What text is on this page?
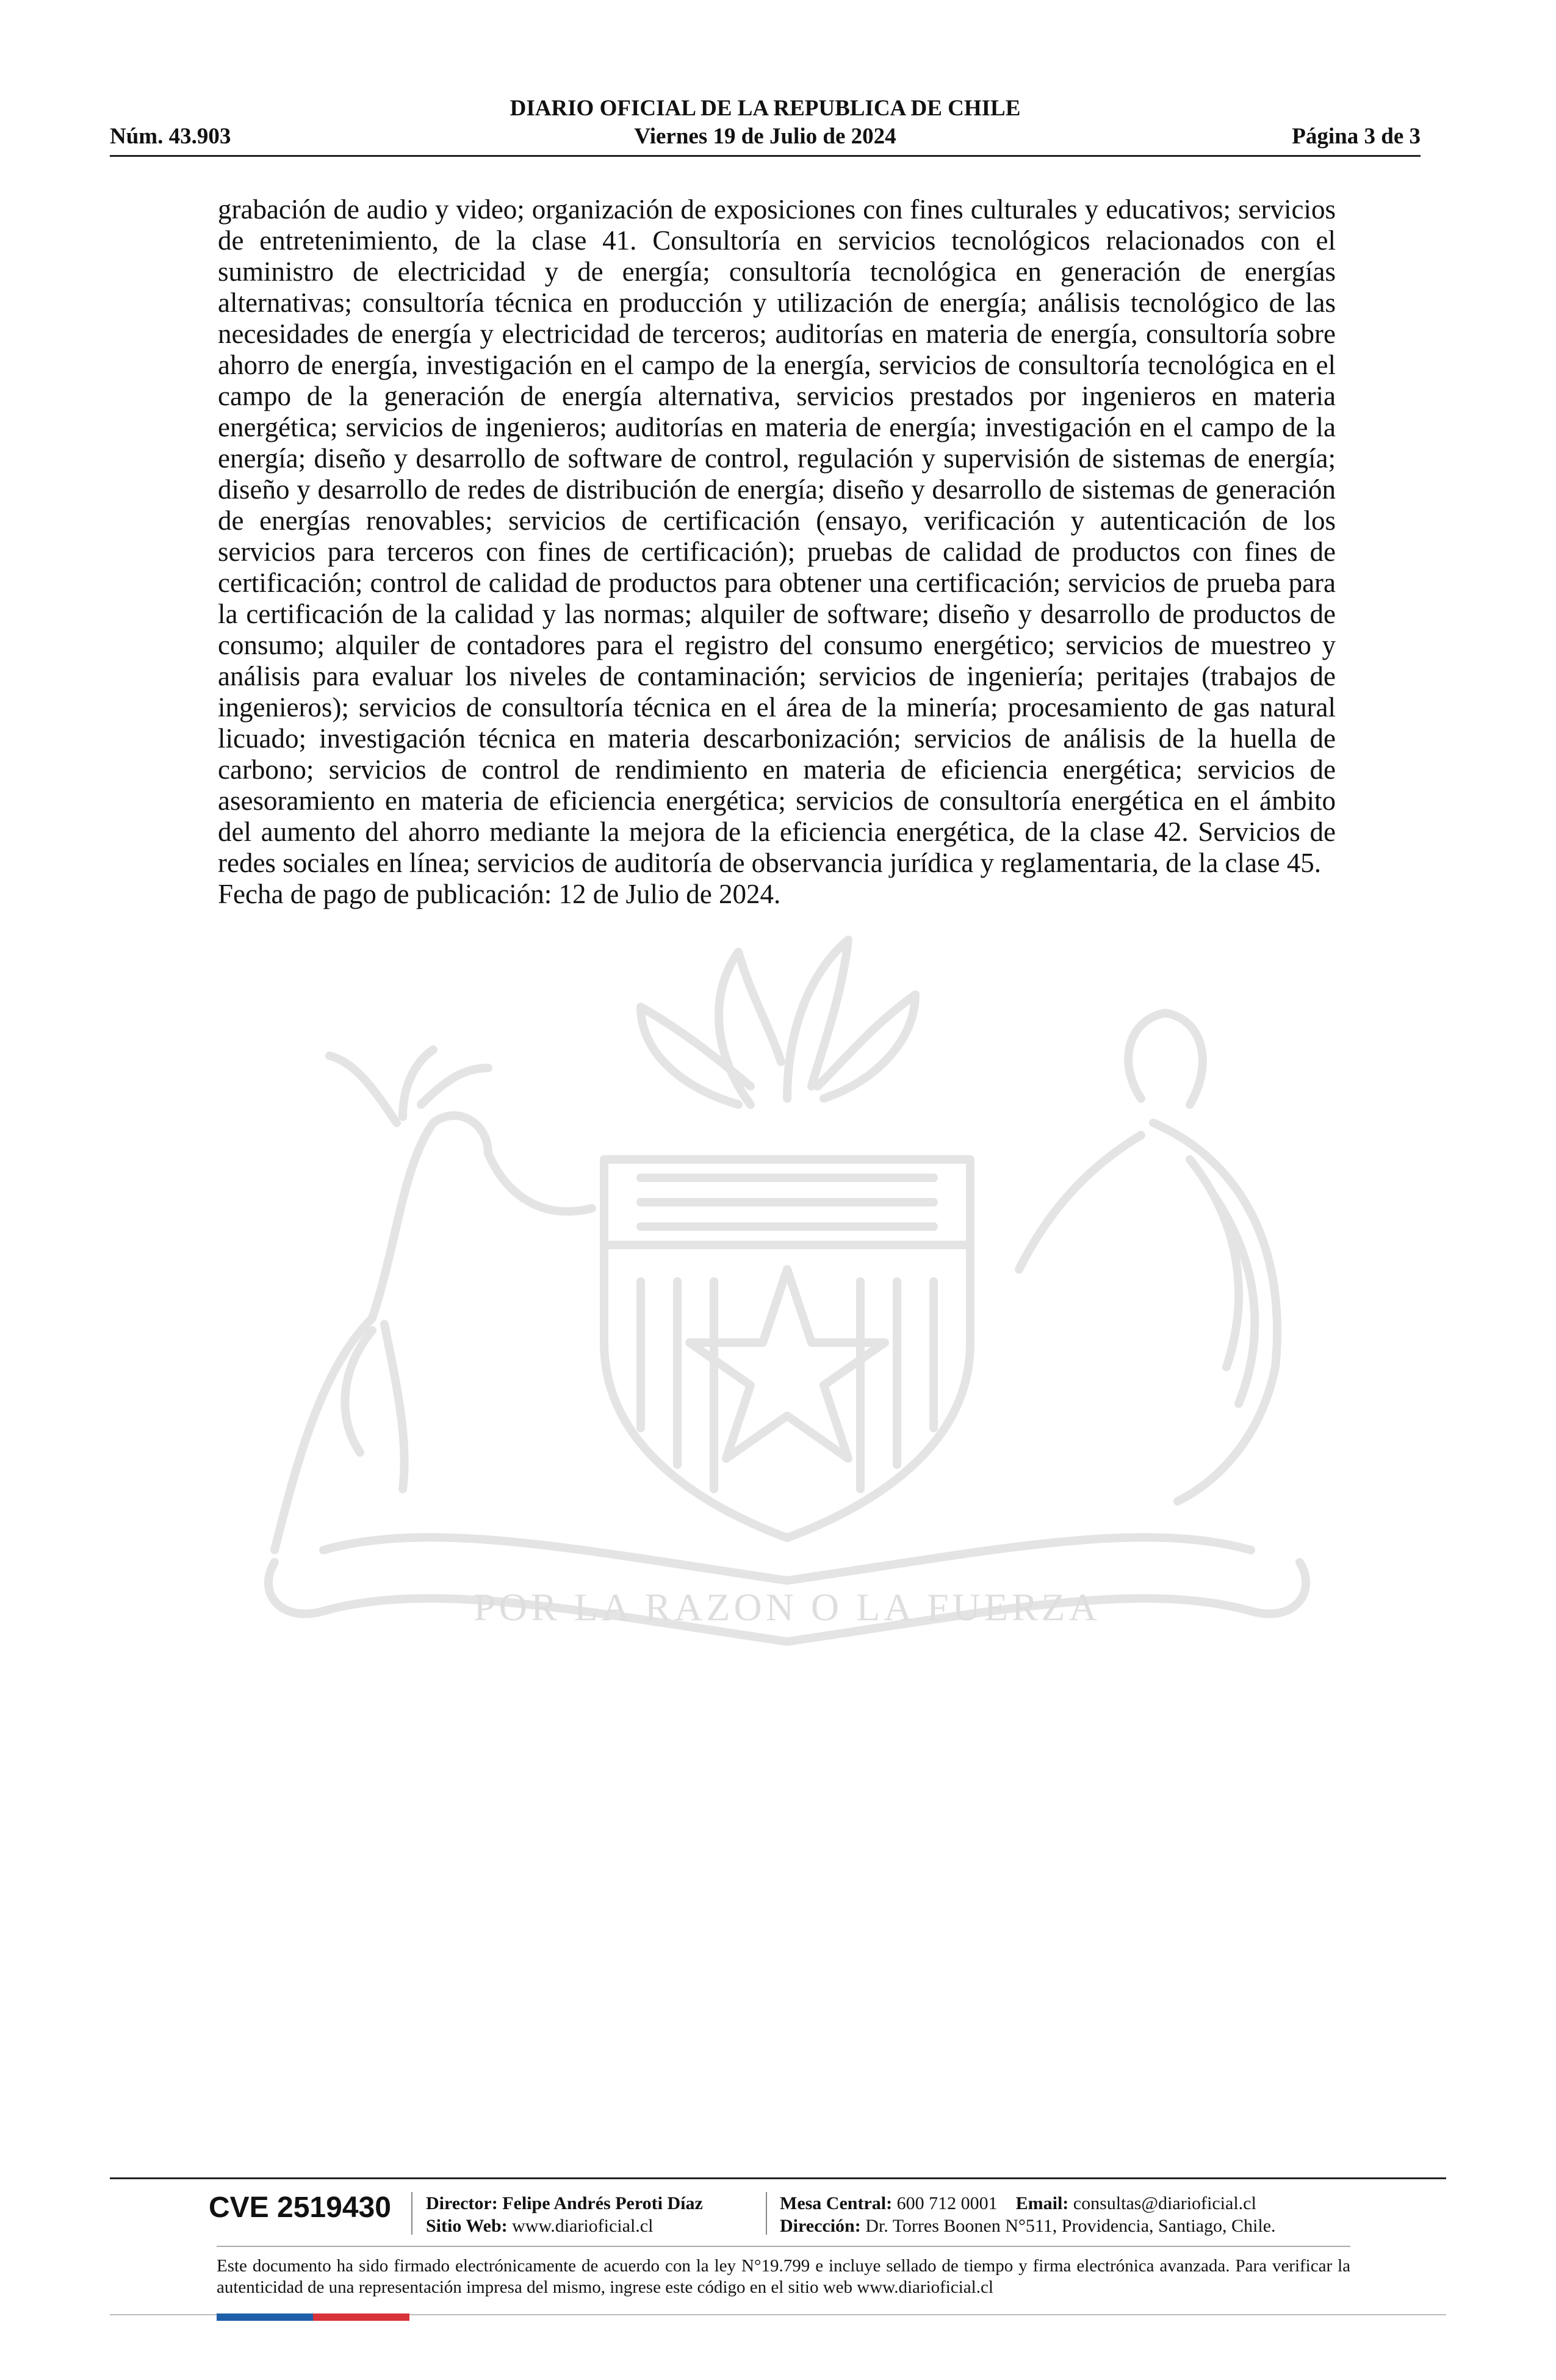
DIARIO OFICIAL DE LA REPUBLICA DE CHILE
Núm. 43.903	Viernes 19 de Julio de 2024	Página 3 de 3
POR LA RAZON O LA FUERZA

grabación de audio y video; organización de exposiciones con fines culturales y educativos; servicios de entretenimiento, de la clase 41. Consultoría en servicios tecnológicos relacionados con el suministro de electricidad y de energía; consultoría tecnológica en generación de energías alternativas; consultoría técnica en producción y utilización de energía; análisis tecnológico de las necesidades de energía y electricidad de terceros; auditorías en materia de energía, consultoría sobre ahorro de energía, investigación en el campo de la energía, servicios de consultoría tecnológica en el campo de la generación de energía alternativa, servicios prestados por ingenieros en materia energética; servicios de ingenieros; auditorías en materia de energía; investigación en el campo de la energía; diseño y desarrollo de software de control, regulación y supervisión de sistemas de energía; diseño y desarrollo de redes de distribución de energía; diseño y desarrollo de sistemas de generación de energías renovables; servicios de certificación (ensayo, verificación y autenticación de los servicios para terceros con fines de certificación); pruebas de calidad de productos con fines de certificación; control de calidad de productos para obtener una certificación; servicios de prueba para la certificación de la calidad y las normas; alquiler de software; diseño y desarrollo de productos de consumo; alquiler de contadores para el registro del consumo energético; servicios de muestreo y análisis para evaluar los niveles de contaminación; servicios de ingeniería; peritajes (trabajos de ingenieros); servicios de consultoría técnica en el área de la minería; procesamiento de gas natural licuado; investigación técnica en materia descarbonización; servicios de análisis de la huella de carbono; servicios de control de rendimiento en materia de eficiencia energética; servicios de asesoramiento en materia de eficiencia energética; servicios de consultoría energética en el ámbito del aumento del ahorro mediante la mejora de la eficiencia energética, de la clase 42. Servicios de redes sociales en línea; servicios de auditoría de observancia jurídica y reglamentaria, de la clase 45.

Fecha de pago de publicación: 12 de Julio de 2024.

CVE 2519430 Director: Felipe Andrés Peroti Díaz
Sitio Web: www.diarioficial.cl
Mesa Central: 600 712 0001 Email: consultas@diarioficial.cl
Dirección: Dr. Torres Boonen N°511, Providencia, Santiago, Chile.
Este documento ha sido firmado electrónicamente de acuerdo con la ley N°19.799 e incluye sellado de tiempo y firma electrónica avanzada. Para verificar la autenticidad de una representación impresa del mismo, ingrese este código en el sitio web www.diarioficial.cl
